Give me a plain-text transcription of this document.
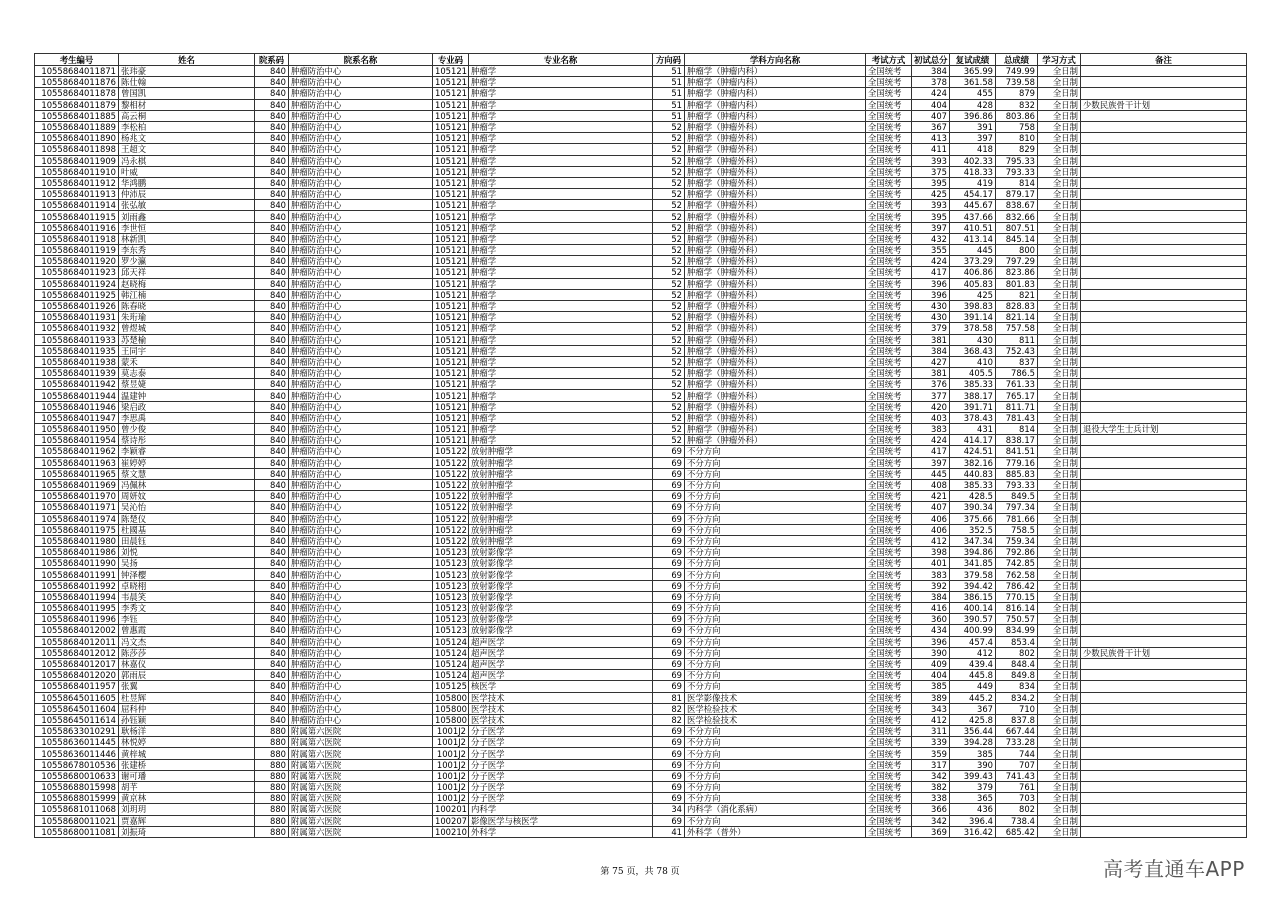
考生编号	姓名	院系码	院系名称	专业码	专业名称	方向码	学科方向名称	考试方式	初试总分	复试成绩	总成绩	学习方式	备注
10558684011871	张玮豪	840	肿瘤防治中心	105121	肿瘤学	51	肿瘤学（肿瘤内科）	全国统考	384	365.99	749.99	全日制	
10558684011876	陈仕翰	840	肿瘤防治中心	105121	肿瘤学	51	肿瘤学（肿瘤内科）	全国统考	378	361.58	739.58	全日制	
10558684011878	曾国凯	840	肿瘤防治中心	105121	肿瘤学	51	肿瘤学（肿瘤内科）	全国统考	424	455	879	全日制	
10558684011879	黎相材	840	肿瘤防治中心	105121	肿瘤学	51	肿瘤学（肿瘤内科）	全国统考	404	428	832	全日制	少数民族骨干计划
10558684011885	高云桐	840	肿瘤防治中心	105121	肿瘤学	51	肿瘤学（肿瘤内科）	全国统考	407	396.86	803.86	全日制	
10558684011889	李松柏	840	肿瘤防治中心	105121	肿瘤学	52	肿瘤学（肿瘤外科）	全国统考	367	391	758	全日制	
10558684011890	杨兆文	840	肿瘤防治中心	105121	肿瘤学	52	肿瘤学（肿瘤外科）	全国统考	413	397	810	全日制	
10558684011898	王超文	840	肿瘤防治中心	105121	肿瘤学	52	肿瘤学（肿瘤外科）	全国统考	411	418	829	全日制	
10558684011909	冯永棋	840	肿瘤防治中心	105121	肿瘤学	52	肿瘤学（肿瘤外科）	全国统考	393	402.33	795.33	全日制	
10558684011910	叶威	840	肿瘤防治中心	105121	肿瘤学	52	肿瘤学（肿瘤外科）	全国统考	375	418.33	793.33	全日制	
10558684011912	华鸿鹏	840	肿瘤防治中心	105121	肿瘤学	52	肿瘤学（肿瘤外科）	全国统考	395	419	814	全日制	
10558684011913	仲沛辰	840	肿瘤防治中心	105121	肿瘤学	52	肿瘤学（肿瘤外科）	全国统考	425	454.17	879.17	全日制	
10558684011914	张弘敏	840	肿瘤防治中心	105121	肿瘤学	52	肿瘤学（肿瘤外科）	全国统考	393	445.67	838.67	全日制	
10558684011915	刘雨鑫	840	肿瘤防治中心	105121	肿瘤学	52	肿瘤学（肿瘤外科）	全国统考	395	437.66	832.66	全日制	
10558684011916	李世恒	840	肿瘤防治中心	105121	肿瘤学	52	肿瘤学（肿瘤外科）	全国统考	397	410.51	807.51	全日制	
10558684011918	林新凯	840	肿瘤防治中心	105121	肿瘤学	52	肿瘤学（肿瘤外科）	全国统考	432	413.14	845.14	全日制	
10558684011919	李东秀	840	肿瘤防治中心	105121	肿瘤学	52	肿瘤学（肿瘤外科）	全国统考	355	445	800	全日制	
10558684011920	罗少瀛	840	肿瘤防治中心	105121	肿瘤学	52	肿瘤学（肿瘤外科）	全国统考	424	373.29	797.29	全日制	
10558684011923	邱天祥	840	肿瘤防治中心	105121	肿瘤学	52	肿瘤学（肿瘤外科）	全国统考	417	406.86	823.86	全日制	
10558684011924	赵晓梅	840	肿瘤防治中心	105121	肿瘤学	52	肿瘤学（肿瘤外科）	全国统考	396	405.83	801.83	全日制	
10558684011925	韩江楠	840	肿瘤防治中心	105121	肿瘤学	52	肿瘤学（肿瘤外科）	全国统考	396	425	821	全日制	
10558684011926	陈春晓	840	肿瘤防治中心	105121	肿瘤学	52	肿瘤学（肿瘤外科）	全国统考	430	398.83	828.83	全日制	
10558684011931	朱珩瑜	840	肿瘤防治中心	105121	肿瘤学	52	肿瘤学（肿瘤外科）	全国统考	430	391.14	821.14	全日制	
10558684011932	曾煜城	840	肿瘤防治中心	105121	肿瘤学	52	肿瘤学（肿瘤外科）	全国统考	379	378.58	757.58	全日制	
10558684011933	苏楚榆	840	肿瘤防治中心	105121	肿瘤学	52	肿瘤学（肿瘤外科）	全国统考	381	430	811	全日制	
10558684011935	王同宇	840	肿瘤防治中心	105121	肿瘤学	52	肿瘤学（肿瘤外科）	全国统考	384	368.43	752.43	全日制	
10558684011938	蒙禾	840	肿瘤防治中心	105121	肿瘤学	52	肿瘤学（肿瘤外科）	全国统考	427	410	837	全日制	
10558684011939	莫志泰	840	肿瘤防治中心	105121	肿瘤学	52	肿瘤学（肿瘤外科）	全国统考	381	405.5	786.5	全日制	
10558684011942	蔡昱婕	840	肿瘤防治中心	105121	肿瘤学	52	肿瘤学（肿瘤外科）	全国统考	376	385.33	761.33	全日制	
10558684011944	温建钟	840	肿瘤防治中心	105121	肿瘤学	52	肿瘤学（肿瘤外科）	全国统考	377	388.17	765.17	全日制	
10558684011946	梁启政	840	肿瘤防治中心	105121	肿瘤学	52	肿瘤学（肿瘤外科）	全国统考	420	391.71	811.71	全日制	
10558684011947	李思禹	840	肿瘤防治中心	105121	肿瘤学	52	肿瘤学（肿瘤外科）	全国统考	403	378.43	781.43	全日制	
10558684011950	曾少俊	840	肿瘤防治中心	105121	肿瘤学	52	肿瘤学（肿瘤外科）	全国统考	383	431	814	全日制	退役大学生士兵计划
10558684011954	蔡诗彤	840	肿瘤防治中心	105121	肿瘤学	52	肿瘤学（肿瘤外科）	全国统考	424	414.17	838.17	全日制	
10558684011962	李颖睿	840	肿瘤防治中心	105122	放射肿瘤学	69	不分方向	全国统考	417	424.51	841.51	全日制	
10558684011963	崔婷婷	840	肿瘤防治中心	105122	放射肿瘤学	69	不分方向	全国统考	397	382.16	779.16	全日制	
10558684011965	蔡文慧	840	肿瘤防治中心	105122	放射肿瘤学	69	不分方向	全国统考	445	440.83	885.83	全日制	
10558684011969	冯佩林	840	肿瘤防治中心	105122	放射肿瘤学	69	不分方向	全国统考	408	385.33	793.33	全日制	
10558684011970	周妍妏	840	肿瘤防治中心	105122	放射肿瘤学	69	不分方向	全国统考	421	428.5	849.5	全日制	
10558684011971	吴沁怡	840	肿瘤防治中心	105122	放射肿瘤学	69	不分方向	全国统考	407	390.34	797.34	全日制	
10558684011974	陈楚仪	840	肿瘤防治中心	105122	放射肿瘤学	69	不分方向	全国统考	406	375.66	781.66	全日制	
10558684011975	杜國基	840	肿瘤防治中心	105122	放射肿瘤学	69	不分方向	全国统考	406	352.5	758.5	全日制	
10558684011980	田晨钰	840	肿瘤防治中心	105122	放射肿瘤学	69	不分方向	全国统考	412	347.34	759.34	全日制	
10558684011986	刘悦	840	肿瘤防治中心	105123	放射影像学	69	不分方向	全国统考	398	394.86	792.86	全日制	
10558684011990	吴扬	840	肿瘤防治中心	105123	放射影像学	69	不分方向	全国统考	401	341.85	742.85	全日制	
10558684011991	钟泽樱	840	肿瘤防治中心	105123	放射影像学	69	不分方向	全国统考	383	379.58	762.58	全日制	
10558684011992	卓晓栩	840	肿瘤防治中心	105123	放射影像学	69	不分方向	全国统考	392	394.42	786.42	全日制	
10558684011994	韦晨笑	840	肿瘤防治中心	105123	放射影像学	69	不分方向	全国统考	384	386.15	770.15	全日制	
10558684011995	李秀文	840	肿瘤防治中心	105123	放射影像学	69	不分方向	全国统考	416	400.14	816.14	全日制	
10558684011996	李钰	840	肿瘤防治中心	105123	放射影像学	69	不分方向	全国统考	360	390.57	750.57	全日制	
10558684012002	曾惠霞	840	肿瘤防治中心	105123	放射影像学	69	不分方向	全国统考	434	400.99	834.99	全日制	
10558684012011	冯文杰	840	肿瘤防治中心	105124	超声医学	69	不分方向	全国统考	396	457.4	853.4	全日制	
10558684012012	陈莎莎	840	肿瘤防治中心	105124	超声医学	69	不分方向	全国统考	390	412	802	全日制	少数民族骨干计划
10558684012017	林嘉仪	840	肿瘤防治中心	105124	超声医学	69	不分方向	全国统考	409	439.4	848.4	全日制	
10558684012020	郭雨辰	840	肿瘤防治中心	105124	超声医学	69	不分方向	全国统考	404	445.8	849.8	全日制	
10558684011957	张翼	840	肿瘤防治中心	105125	核医学	69	不分方向	全国统考	385	449	834	全日制	
10558645011605	杜昱辉	840	肿瘤防治中心	105800	医学技术	81	医学影像技术	全国统考	389	445.2	834.2	全日制	
10558645011604	屈科仲	840	肿瘤防治中心	105800	医学技术	82	医学检验技术	全国统考	343	367	710	全日制	
10558645011614	孙钰颖	840	肿瘤防治中心	105800	医学技术	82	医学检验技术	全国统考	412	425.8	837.8	全日制	
10558633010291	耿杨洋	880	附属第六医院	1001J2	分子医学	69	不分方向	全国统考	311	356.44	667.44	全日制	
10558636011445	林悦婷	880	附属第六医院	1001J2	分子医学	69	不分方向	全国统考	339	394.28	733.28	全日制	
10558636011446	黄梓城	880	附属第六医院	1001J2	分子医学	69	不分方向	全国统考	359	385	744	全日制	
10558678010536	张建桥	880	附属第六医院	1001J2	分子医学	69	不分方向	全国统考	317	390	707	全日制	
10558680010633	谢可璠	880	附属第六医院	1001J2	分子医学	69	不分方向	全国统考	342	399.43	741.43	全日制	
10558688015998	胡芊	880	附属第六医院	1001J2	分子医学	69	不分方向	全国统考	382	379	761	全日制	
10558688015999	黄京林	880	附属第六医院	1001J2	分子医学	69	不分方向	全国统考	338	365	703	全日制	
10558681011068	刘玥玥	880	附属第六医院	100201	内科学	34	内科学（消化系病）	全国统考	366	436	802	全日制	
10558680011021	贾嘉辉	880	附属第六医院	100207	影像医学与核医学	69	不分方向	全国统考	342	396.4	738.4	全日制	
10558680011081	刘振琦	880	附属第六医院	100210	外科学	41	外科学（普外）	全国统考	369	316.42	685.42	全日制	
第 75 页，共 78 页	高考直通车APP
